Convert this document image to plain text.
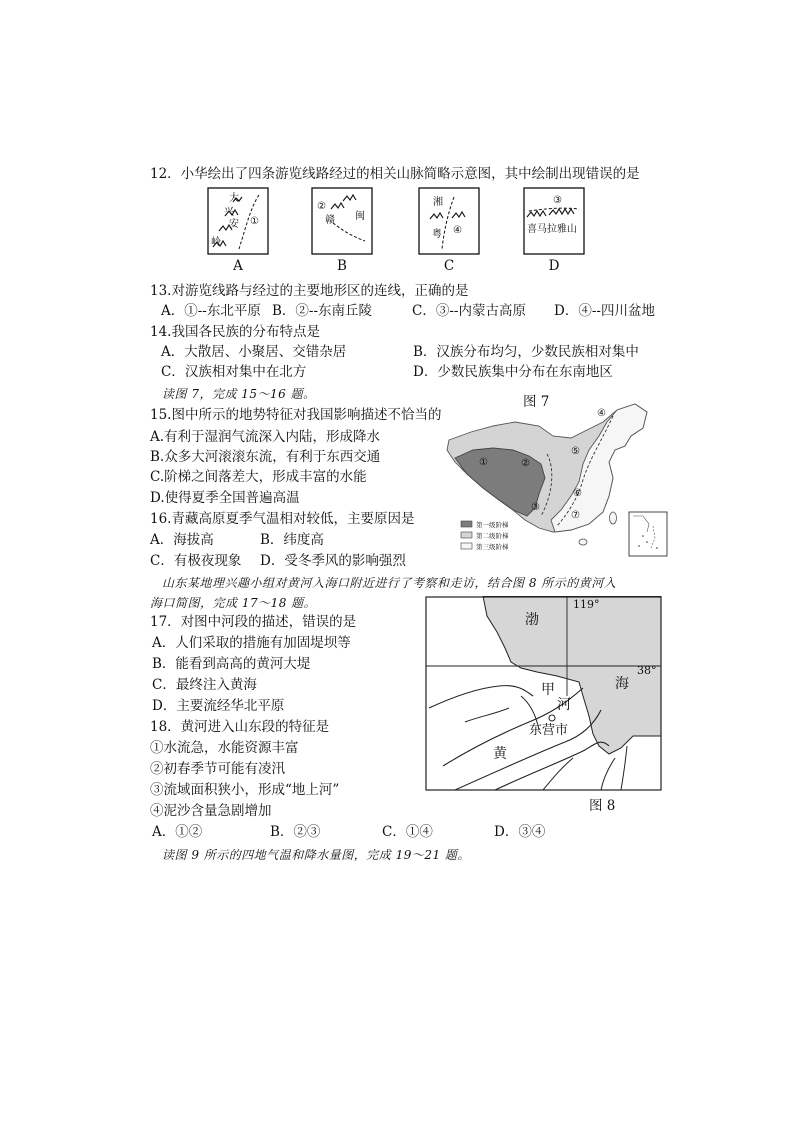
12．小华绘出了四条游览线路经过的相关山脉简略示意图，其中绘制出现错误的是
大
兴
安
岭
①
A
②
赣 闽
B
湘
粤 ④
C
③
喜马拉雅山
D
13.对游览线路与经过的主要地形区的连线，正确的是
A．①--东北平原 B．②--东南丘陵	C．③--内蒙古高原 D．④--四川盆地
14.我国各民族的分布特点是
A．大散居、小聚居、交错杂居	B．汉族分布均匀，少数民族相对集中
C．汉族相对集中在北方	D．少数民族集中分布在东南地区
读图 7，完成 15～16 题。	图 7
①	②
③
④
⑤
⑥
⑦
第一级阶梯
第二级阶梯
第三级阶梯
15.图中所示的地势特征对我国影响描述不恰当的
A.有利于湿润气流深入内陆，形成降水
B.众多大河滚滚东流，有利于东西交通
C.阶梯之间落差大，形成丰富的水能
D.使得夏季全国普遍高温
16.青藏高原夏季气温相对较低，主要原因是
A．海拔高	B．纬度高
C．有极夜现象 D．受冬季风的影响强烈
山东某地理兴趣小组对黄河入海口附近进行了考察和走访，结合图 8 所示的黄河入
海口简图，完成 17～18 题。	119°
38°
渤
海
甲
河
东营市
黄
图 8
17．对图中河段的描述，错误的是
A．人们采取的措施有加固堤坝等
B．能看到高高的黄河大堤
C．最终注入黄海
D．主要流经华北平原
18．黄河进入山东段的特征是
①水流急，水能资源丰富
②初春季节可能有凌汛
③流域面积狭小，形成“地上河”
④泥沙含量急剧增加
A．①②	B．②③	C．①④	D．③④
读图 9 所示的四地气温和降水量图，完成 19～21 题。
